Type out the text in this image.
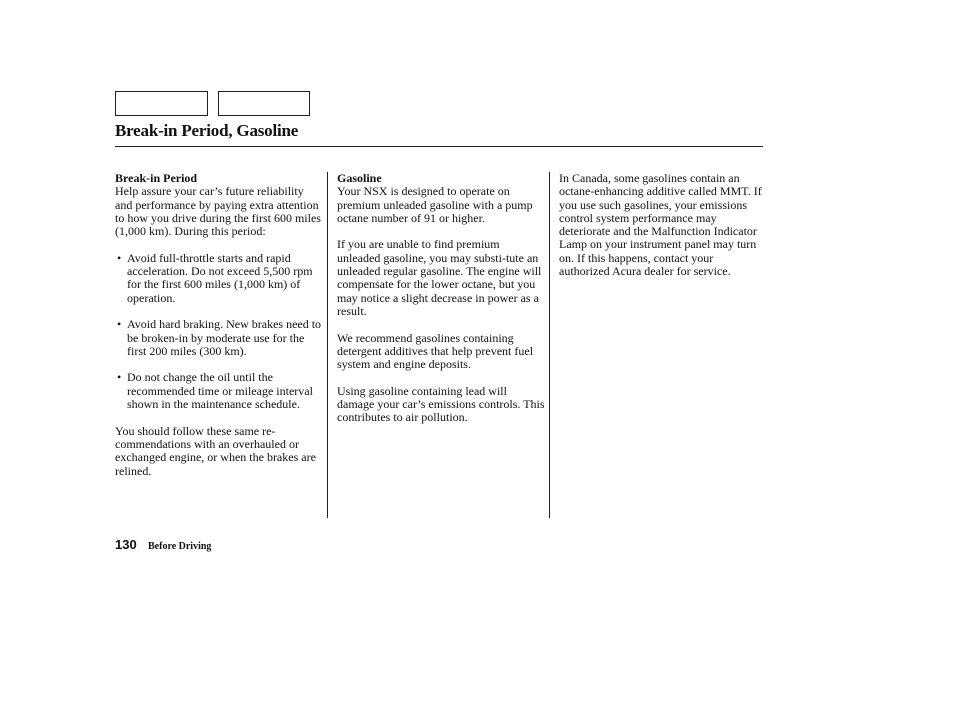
Break-in Period, Gasoline

Break-in Period

Help assure your car’s future reliability and performance by paying extra attention to how you drive during the first 600 miles (1,000 km). During this period:

• Avoid full-throttle starts and rapid acceleration. Do not exceed 5,500 rpm for the first 600 miles (1,000 km) of operation.

• Avoid hard braking. New brakes need to be broken-in by moderate use for the first 200 miles (300 km).

• Do not change the oil until the recommended time or mileage interval shown in the maintenance schedule.

You should follow these same re-commendations with an overhauled or exchanged engine, or when the brakes are relined.

Gasoline

Your NSX is designed to operate on premium unleaded gasoline with a pump octane number of 91 or higher.

If you are unable to find premium unleaded gasoline, you may substi-tute an unleaded regular gasoline. The engine will compensate for the lower octane, but you may notice a slight decrease in power as a result.

We recommend gasolines containing detergent additives that help prevent fuel system and engine deposits.

Using gasoline containing lead will damage your car’s emissions controls. This contributes to air pollution.

In Canada, some gasolines contain an octane-enhancing additive called MMT. If you use such gasolines, your emissions control system performance may deteriorate and the Malfunction Indicator Lamp on your instrument panel may turn on. If this happens, contact your authorized Acura dealer for service.

130 Before Driving
